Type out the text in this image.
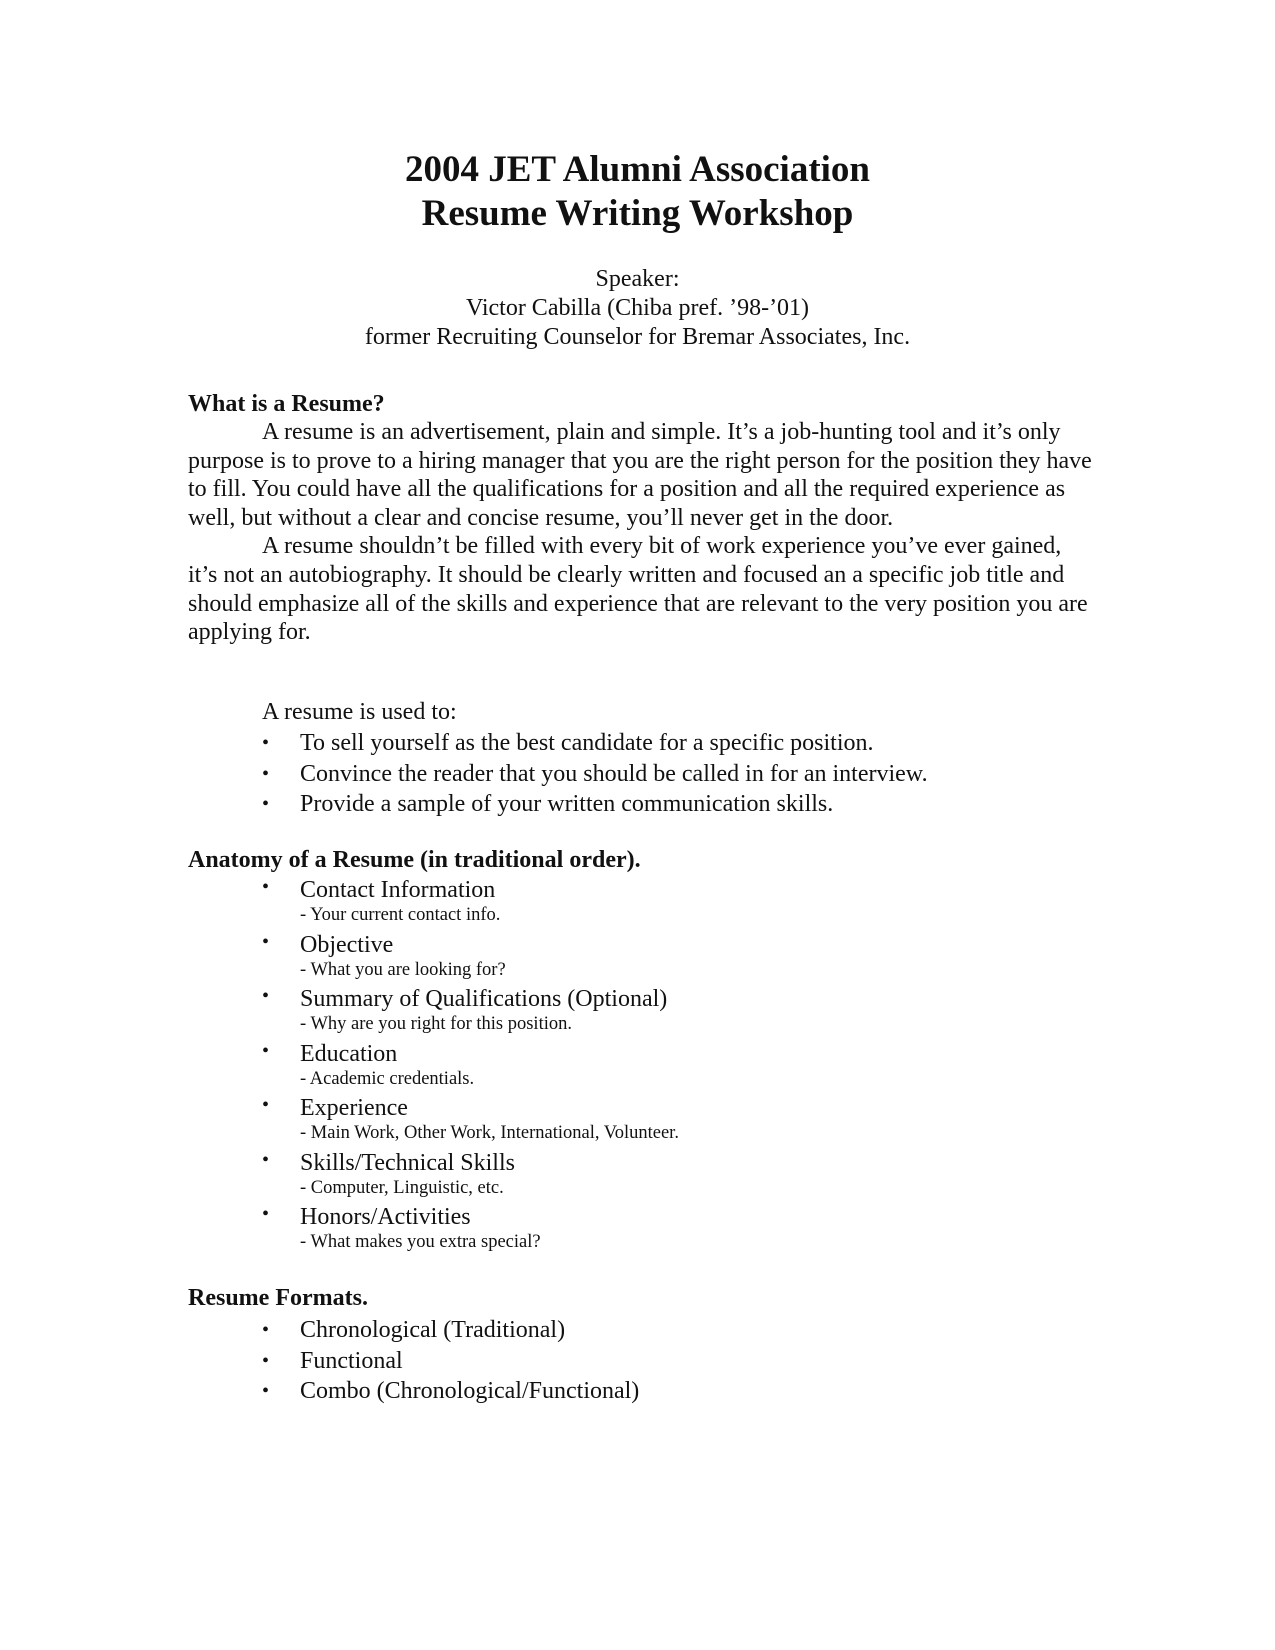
2004 JET Alumni Association
Resume Writing Workshop
Speaker:
Victor Cabilla (Chiba pref. ’98-’01)
former Recruiting Counselor for Bremar Associates, Inc.
What is a Resume?

A resume is an advertisement, plain and simple. It’s a job-hunting tool and it’s only purpose is to prove to a hiring manager that you are the right person for the position they have to fill. You could have all the qualifications for a position and all the required experience as well, but without a clear and concise resume, you’ll never get in the door.

A resume shouldn’t be filled with every bit of work experience you’ve ever gained, it’s not an autobiography. It should be clearly written and focused an a specific job title and should emphasize all of the skills and experience that are relevant to the very position you are applying for.

A resume is used to:
• To sell yourself as the best candidate for a specific position.
• Convince the reader that you should be called in for an interview.
• Provide a sample of your written communication skills.
Anatomy of a Resume (in traditional order).
• Contact Information
- Your current contact info.
• Objective
- What you are looking for?
• Summary of Qualifications (Optional)
- Why are you right for this position.
• Education
- Academic credentials.
• Experience
- Main Work, Other Work, International, Volunteer.
• Skills/Technical Skills
- Computer, Linguistic, etc.
• Honors/Activities
- What makes you extra special?
Resume Formats.
• Chronological (Traditional)
• Functional
• Combo (Chronological/Functional)
